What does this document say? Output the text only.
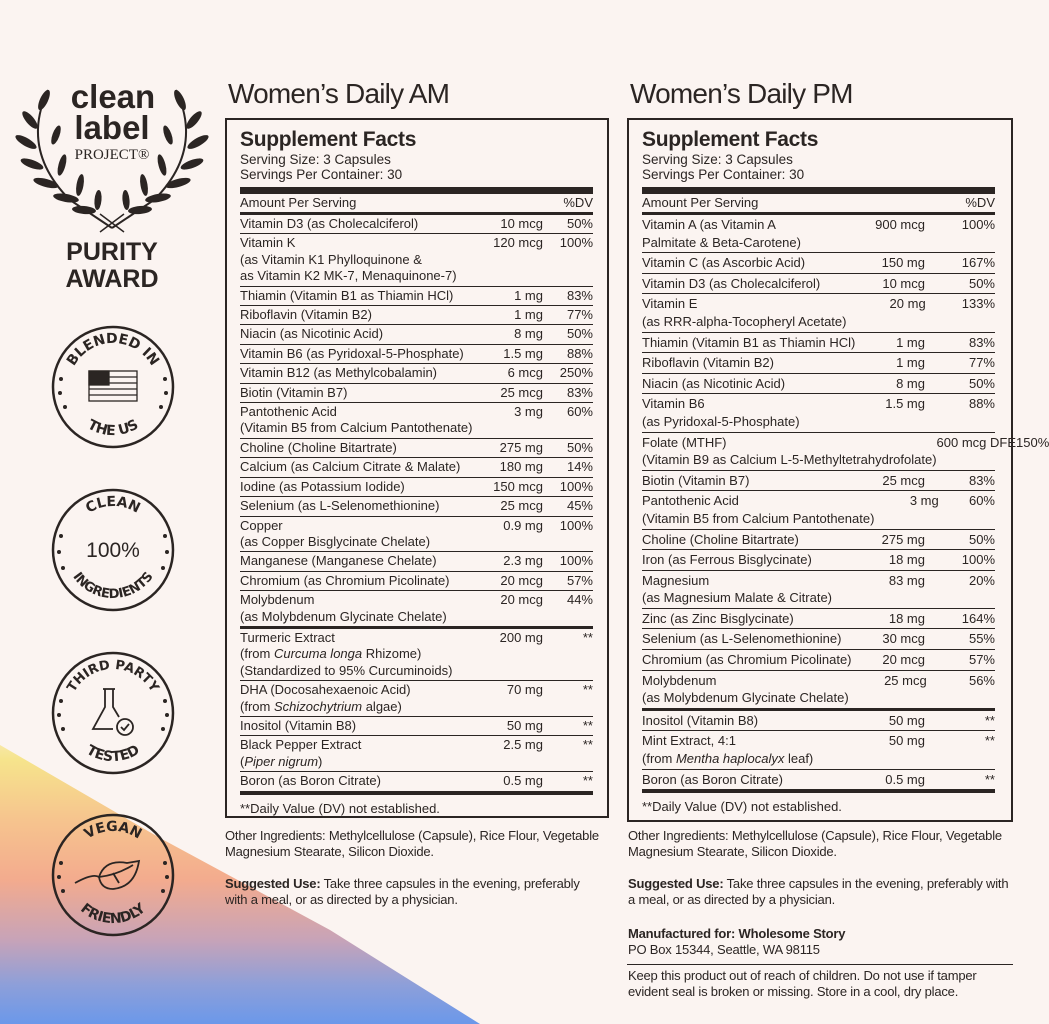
clean
label
PROJECT®
PURITY
AWARD
BLENDED IN
THE US
CLEAN
INGREDIENTS
100%
THIRD PARTY
TESTED
VEGAN
FRIENDLY
Women’s Daily AM
Supplement Facts
Serving Size: 3 Capsules
Servings Per Container: 30
Amount Per Serving	%DV
Vitamin D3 (as Cholecalciferol)	10 mcg	50%
Vitamin K
(as Vitamin K1 Phylloquinone &
as Vitamin K2 MK-7, Menaquinone-7)
120 mcg	100%
Thiamin (Vitamin B1 as Thiamin HCl)	1 mg	83%
Riboflavin (Vitamin B2)	1 mg	77%
Niacin (as Nicotinic Acid)	8 mg	50%
Vitamin B6 (as Pyridoxal-5-Phosphate)	1.5 mg	88%
Vitamin B12 (as Methylcobalamin)	6 mcg	250%
Biotin (Vitamin B7)	25 mcg	83%
Pantothenic Acid
(Vitamin B5 from Calcium Pantothenate)
3 mg	60%
Choline (Choline Bitartrate)	275 mg	50%
Calcium (as Calcium Citrate & Malate)	180 mg	14%
Iodine (as Potassium Iodide)	150 mcg	100%
Selenium (as L-Selenomethionine)	25 mcg	45%
Copper
(as Copper Bisglycinate Chelate)
0.9 mg	100%
Manganese (Manganese Chelate)	2.3 mg	100%
Chromium (as Chromium Picolinate)	20 mcg	57%
Molybdenum
(as Molybdenum Glycinate Chelate)
20 mcg	44%
Turmeric Extract
(from Curcuma longa Rhizome)
(Standardized to 95% Curcuminoids)
200 mg	**
DHA (Docosahexaenoic Acid)
(from Schizochytrium algae)
70 mg	**
Inositol (Vitamin B8)	50 mg	**
Black Pepper Extract
(Piper nigrum)
2.5 mg	**
Boron (as Boron Citrate)	0.5 mg	**
**Daily Value (DV) not established.
Other Ingredients: Methylcellulose (Capsule), Rice Flour, Vegetable Magnesium Stearate, Silicon Dioxide.
Suggested Use: Take three capsules in the evening, preferably with a meal, or as directed by a physician.
Women’s Daily PM
Supplement Facts
Serving Size: 3 Capsules
Servings Per Container: 30
Amount Per Serving	%DV
Vitamin A (as Vitamin A
Palmitate & Beta-Carotene)
900 mcg	100%
Vitamin C (as Ascorbic Acid)	150 mg	167%
Vitamin D3 (as Cholecalciferol)	10 mcg	50%
Vitamin E
(as RRR-alpha-Tocopheryl Acetate)
20 mg	133%
Thiamin (Vitamin B1 as Thiamin HCl)	1 mg	83%
Riboflavin (Vitamin B2)	1 mg	77%
Niacin (as Nicotinic Acid)	8 mg	50%
Vitamin B6
(as Pyridoxal-5-Phosphate)
1.5 mg	88%
Folate (MTHF)
(Vitamin B9 as Calcium L-5-Methyltetrahydrofolate)
600 mcg DFE 150%
Biotin (Vitamin B7)	25 mcg	83%
Pantothenic Acid
(Vitamin B5 from Calcium Pantothenate)
3 mg	60%
Choline (Choline Bitartrate)	275 mg	50%
Iron (as Ferrous Bisglycinate)	18 mg	100%
Magnesium
(as Magnesium Malate & Citrate)
83 mg	20%
Zinc (as Zinc Bisglycinate)	18 mg	164%
Selenium (as L-Selenomethionine)	30 mcg	55%
Chromium (as Chromium Picolinate)	20 mcg	57%
Molybdenum
(as Molybdenum Glycinate Chelate)
25 mcg	56%
Inositol (Vitamin B8)	50 mg	**
Mint Extract, 4:1
(from Mentha haplocalyx leaf)
50 mg	**
Boron (as Boron Citrate)	0.5 mg	**
**Daily Value (DV) not established.
Other Ingredients: Methylcellulose (Capsule), Rice Flour, Vegetable Magnesium Stearate, Silicon Dioxide.
Suggested Use: Take three capsules in the evening, preferably with a meal, or as directed by a physician.
Manufactured for: Wholesome Story
PO Box 15344, Seattle, WA 98115
Keep this product out of reach of children. Do not use if tamper evident seal is broken or missing. Store in a cool, dry place.
